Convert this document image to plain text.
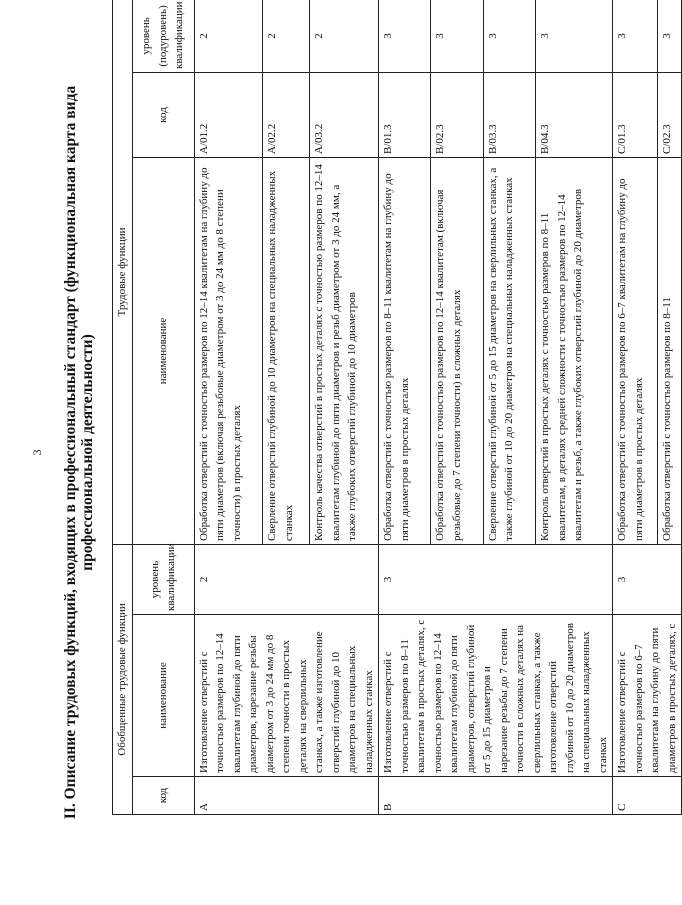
3 II. Описание трудовых функций, входящих в профессиональный стандарт (функциональная карта вида профессиональной деятельности)
Обобщенные трудовые функции			Трудовые функции		
код	наименование	уровень квалификации	наименование	код	уровень (подуровень) квалификации
A	Изготовление отверстий с точностью размеров по 12–14 квалитетам глубиной до пяти диаметров, нарезание резьбы диаметром от 3 до 24 мм до 8 степени точности в простых деталях на сверлильных станках, а также изготовление отверстий глубиной до 10 диаметров на специальных наладженных станках	2	Обработка отверстий с точностью размеров по 12–14 квалитетам на глубину до пяти диаметров (включая резьбовые диаметром от 3 до 24 мм до 8 степени точности) в простых деталях	A/01.2	2
			Сверление отверстий глубиной до 10 диаметров на специальных наладженных станках	A/02.2	2
			Контроль качества отверстий в простых деталях с точностью размеров по 12–14 квалитетам глубиной до пяти диаметров и резьб диаметром от 3 до 24 мм, а также глубоких отверстий глубиной до 10 диаметров	A/03.2	2
B	Изготовление отверстий с точностью размеров по 8–11 квалитетам в простых деталях, с точностью размеров по 12–14 квалитетам глубиной до пяти диаметров, отверстий глубиной от 5 до 15 диаметров и нарезание резьбы до 7 степени точности в сложных деталях на сверлильных станках, а также изготовление отверстий глубиной от 10 до 20 диаметров на специальных наладженных станках	3	Обработка отверстий с точностью размеров по 8–11 квалитетам на глубину до пяти диаметров в простых деталях	B/01.3	3
			Обработка отверстий с точностью размеров по 12–14 квалитетам (включая резьбовые до 7 степени точности) в сложных деталях	B/02.3	3
			Сверление отверстий глубиной от 5 до 15 диаметров на сверлильных станках, а также глубиной от 10 до 20 диаметров на специальных наладженных станках	B/03.3	3
			Контроль отверстий в простых деталях с точностью размеров по 8–11 квалитетам, в деталях средней сложности с точностью размеров по 12–14 квалитетам и резьб, а также глубоких отверстий глубиной до 20 диаметров	B/04.3	3
C	Изготовление отверстий с точностью размеров по 6–7 квалитетам на глубину до пяти диаметров в простых деталях, с	3	Обработка отверстий с точностью размеров по 6–7 квалитетам на глубину до пяти диаметров в простых деталях	C/01.3	3
			Обработка отверстий с точностью размеров по 8–11	C/02.3	3
